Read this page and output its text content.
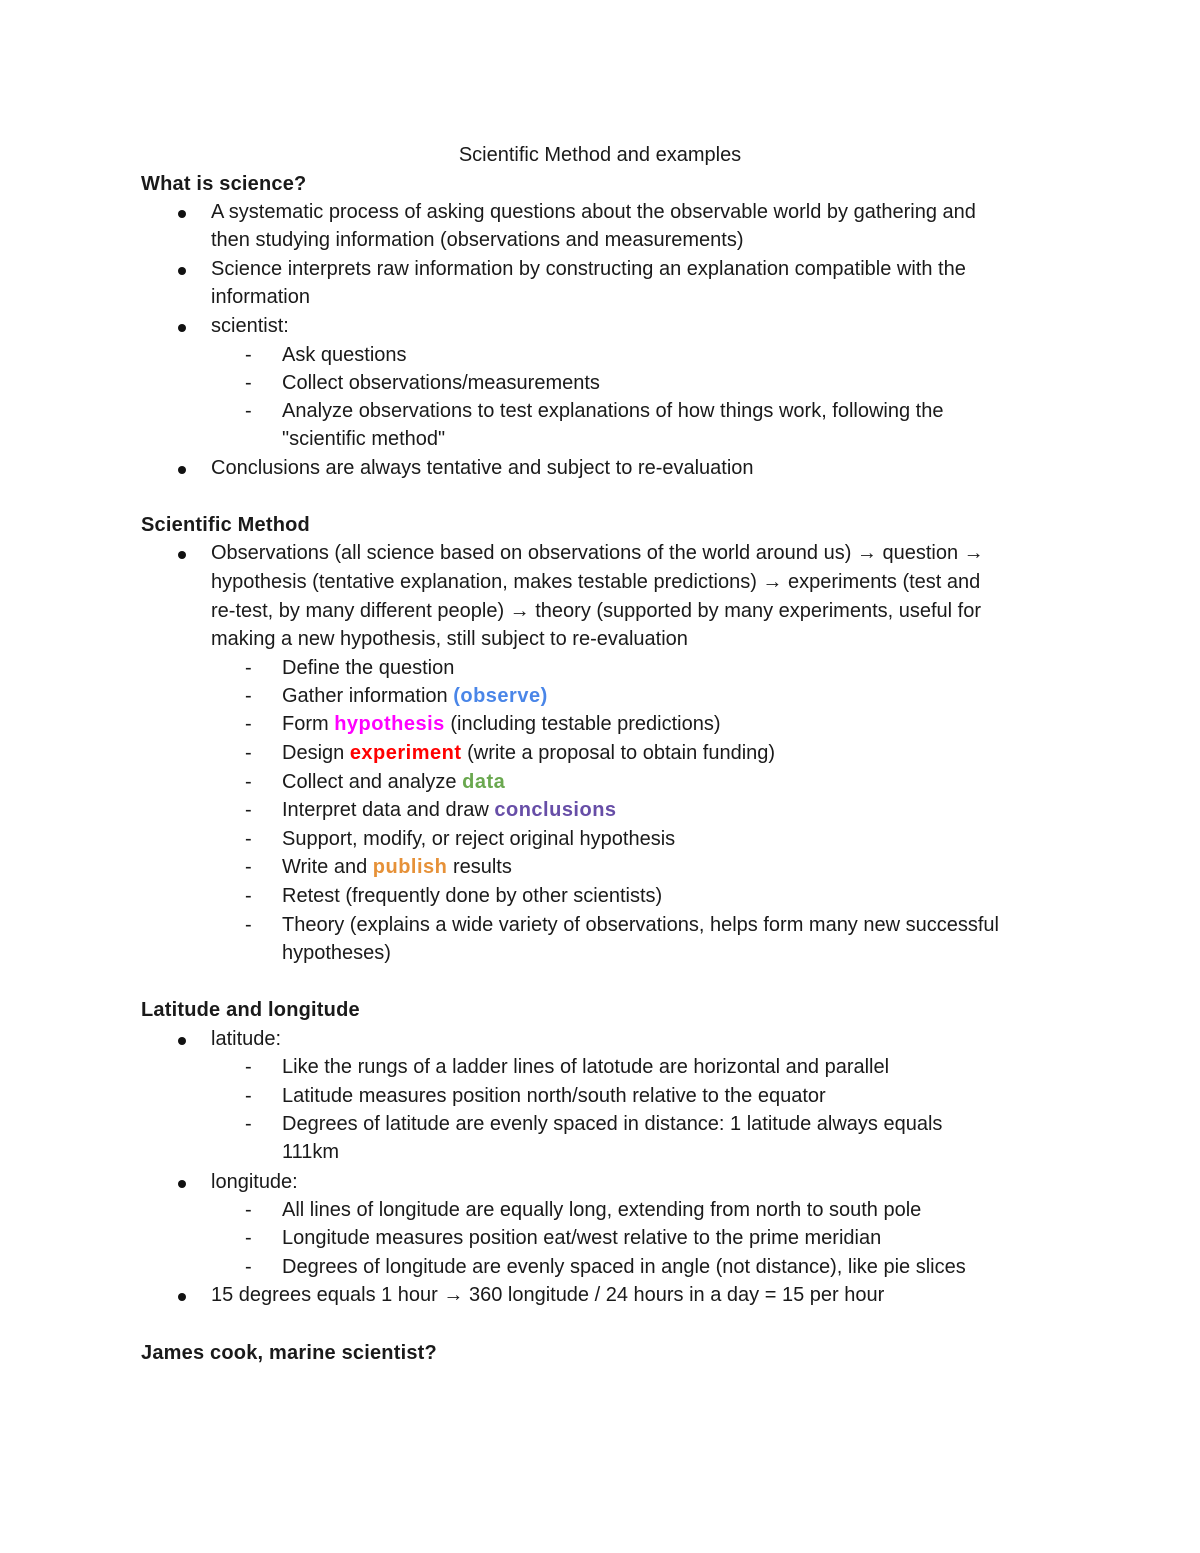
Scientific Method and examples
What is science?
A systematic process of asking questions about the observable world by gathering and
then studying information (observations and measurements)
Science interprets raw information by constructing an explanation compatible with the
information
scientist:
- Ask questions
- Collect observations/measurements
- Analyze observations to test explanations of how things work, following the
"scientific method"
Conclusions are always tentative and subject to re-evaluation
Scientific Method
Observations (all science based on observations of the world around us) → question →
hypothesis (tentative explanation, makes testable predictions) → experiments (test and
re-test, by many different people) → theory (supported by many experiments, useful for
making a new hypothesis, still subject to re-evaluation
- Define the question
- Gather information (observe)
- Form hypothesis (including testable predictions)
- Design experiment (write a proposal to obtain funding)
- Collect and analyze data
- Interpret data and draw conclusions
- Support, modify, or reject original hypothesis
- Write and publish results
- Retest (frequently done by other scientists)
- Theory (explains a wide variety of observations, helps form many new successful
hypotheses)
Latitude and longitude
latitude:
- Like the rungs of a ladder lines of latotude are horizontal and parallel
- Latitude measures position north/south relative to the equator
- Degrees of latitude are evenly spaced in distance: 1 latitude always equals
111km
longitude:
- All lines of longitude are equally long, extending from north to south pole
- Longitude measures position eat/west relative to the prime meridian
- Degrees of longitude are evenly spaced in angle (not distance), like pie slices
15 degrees equals 1 hour → 360 longitude / 24 hours in a day = 15 per hour
James cook, marine scientist?
